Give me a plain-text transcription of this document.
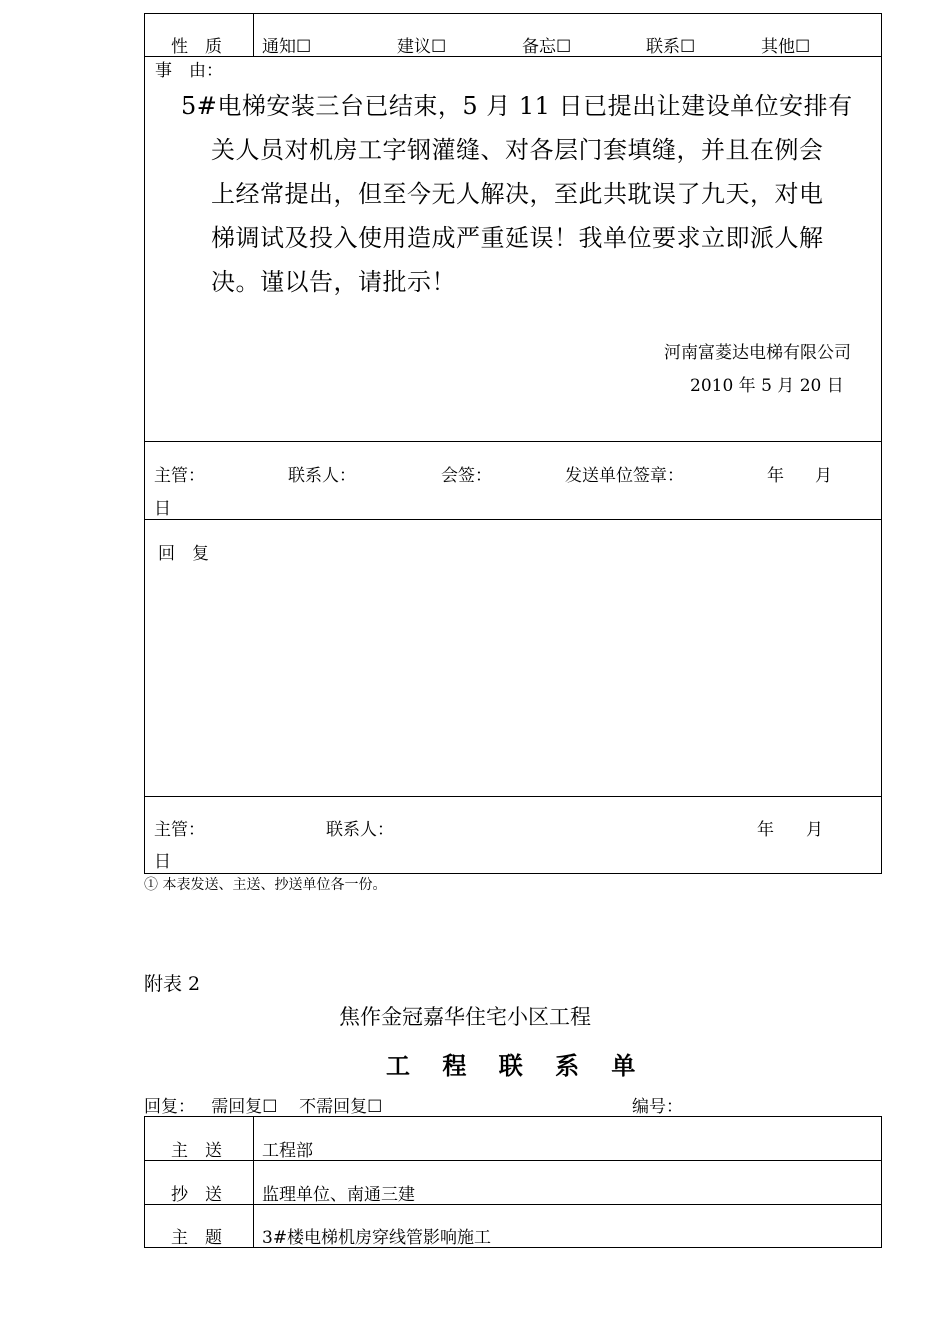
性　质 通知☐	建议☐	备忘☐	联系☐	其他☐
事　由：
5#电梯安装三台已结束，5 月 11 日已提出让建设单位安排有
关人员对机房工字钢灌缝、对各层门套填缝，并且在例会
上经常提出，但至今无人解决，至此共耽误了九天，对电
梯调试及投入使用造成严重延误！我单位要求立即派人解
决。谨以告，请批示！
河南富菱达电梯有限公司
2010 年 5 月 20 日
主管：	联系人：	会签：	发送单位签章：	年 月
日
回　复
主管：	联系人：	年 月
日
① 本表发送、主送、抄送单位各一份。
附表 2
焦作金冠嘉华住宅小区工程
工 程 联 系 单
回复：   需回复☐    不需回复☐	编号：
主　送 工程部
抄　送 监理单位、南通三建
主　题 3#楼电梯机房穿线管影响施工
